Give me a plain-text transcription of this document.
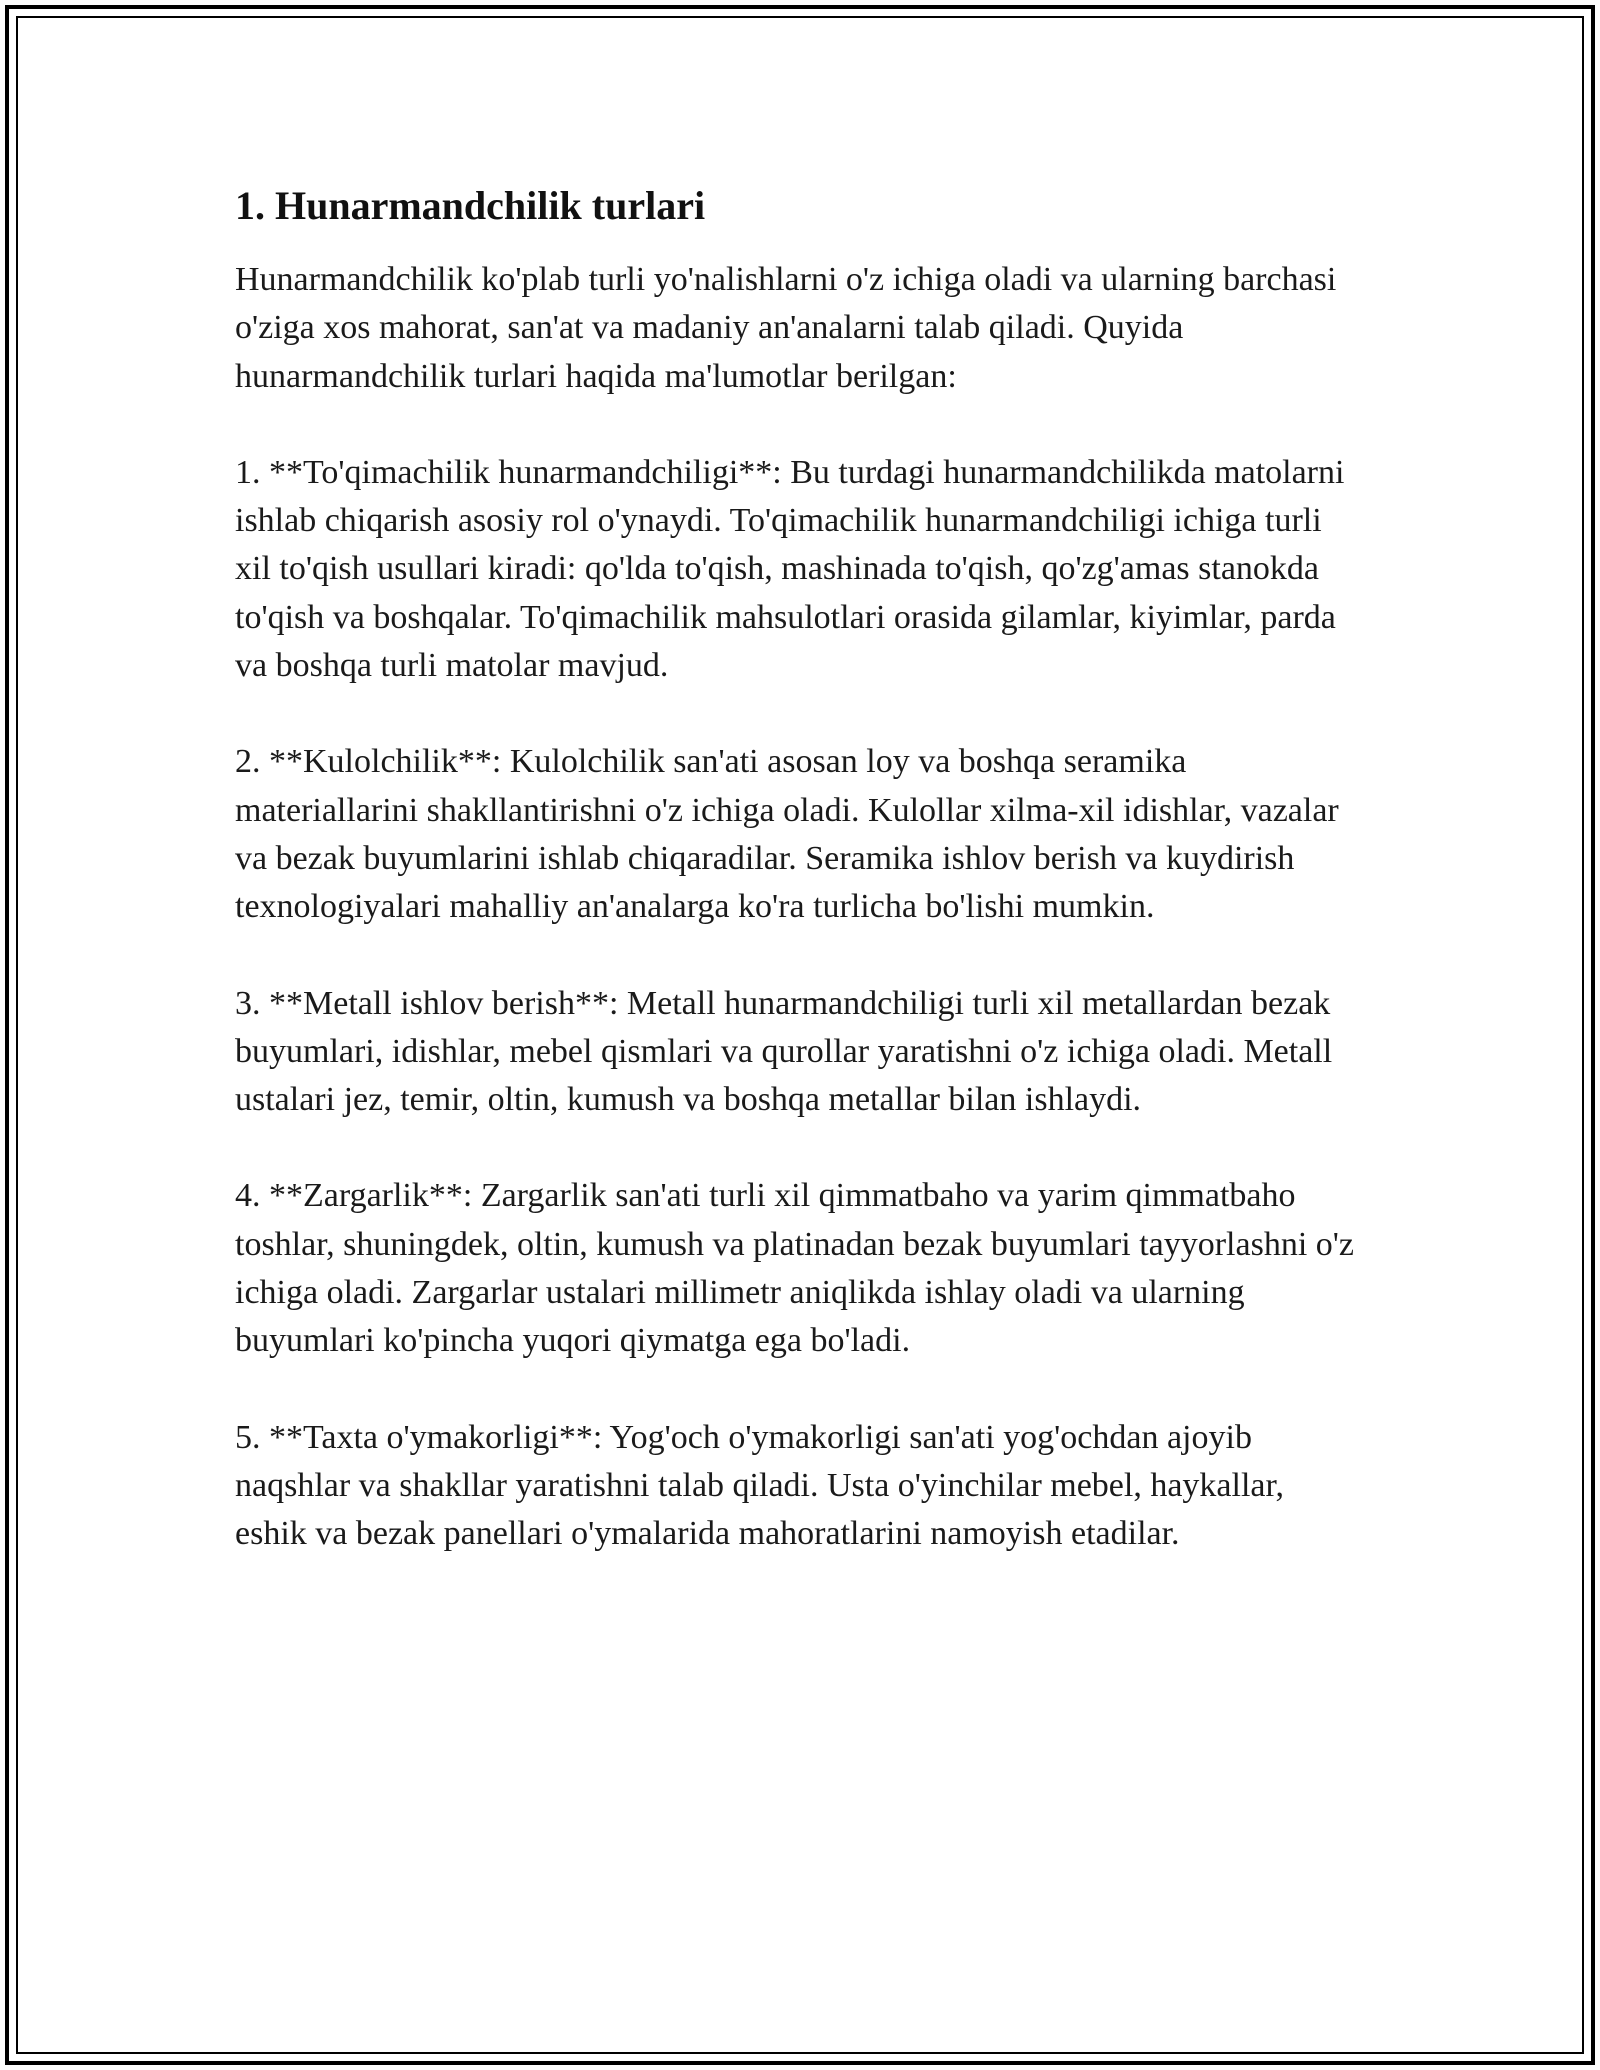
1. Hunarmandchilik turlari

Hunarmandchilik ko'plab turli yo'nalishlarni o'z ichiga oladi va ularning barchasi o'ziga xos mahorat, san'at va madaniy an'analarni talab qiladi. Quyida hunarmandchilik turlari haqida ma'lumotlar berilgan:

1. **To'qimachilik hunarmandchiligi**: Bu turdagi hunarmandchilikda matolarni ishlab chiqarish asosiy rol o'ynaydi. To'qimachilik hunarmandchiligi ichiga turli xil to'qish usullari kiradi: qo'lda to'qish, mashinada to'qish, qo'zg'amas stanokda to'qish va boshqalar. To'qimachilik mahsulotlari orasida gilamlar, kiyimlar, parda va boshqa turli matolar mavjud.

2. **Kulolchilik**: Kulolchilik san'ati asosan loy va boshqa seramika materiallarini shakllantirishni o'z ichiga oladi. Kulollar xilma-xil idishlar, vazalar va bezak buyumlarini ishlab chiqaradilar. Seramika ishlov berish va kuydirish texnologiyalari mahalliy an'analarga ko'ra turlicha bo'lishi mumkin.

3. **Metall ishlov berish**: Metall hunarmandchiligi turli xil metallardan bezak buyumlari, idishlar, mebel qismlari va qurollar yaratishni o'z ichiga oladi. Metall ustalari jez, temir, oltin, kumush va boshqa metallar bilan ishlaydi.

4. **Zargarlik**: Zargarlik san'ati turli xil qimmatbaho va yarim qimmatbaho toshlar, shuningdek, oltin, kumush va platinadan bezak buyumlari tayyorlashni o'z ichiga oladi. Zargarlar ustalari millimetr aniqlikda ishlay oladi va ularning buyumlari ko'pincha yuqori qiymatga ega bo'ladi.

5. **Taxta o'ymakorligi**: Yog'och o'ymakorligi san'ati yog'ochdan ajoyib naqshlar va shakllar yaratishni talab qiladi. Usta o'yinchilar mebel, haykallar, eshik va bezak panellari o'ymalarida mahoratlarini namoyish etadilar.
